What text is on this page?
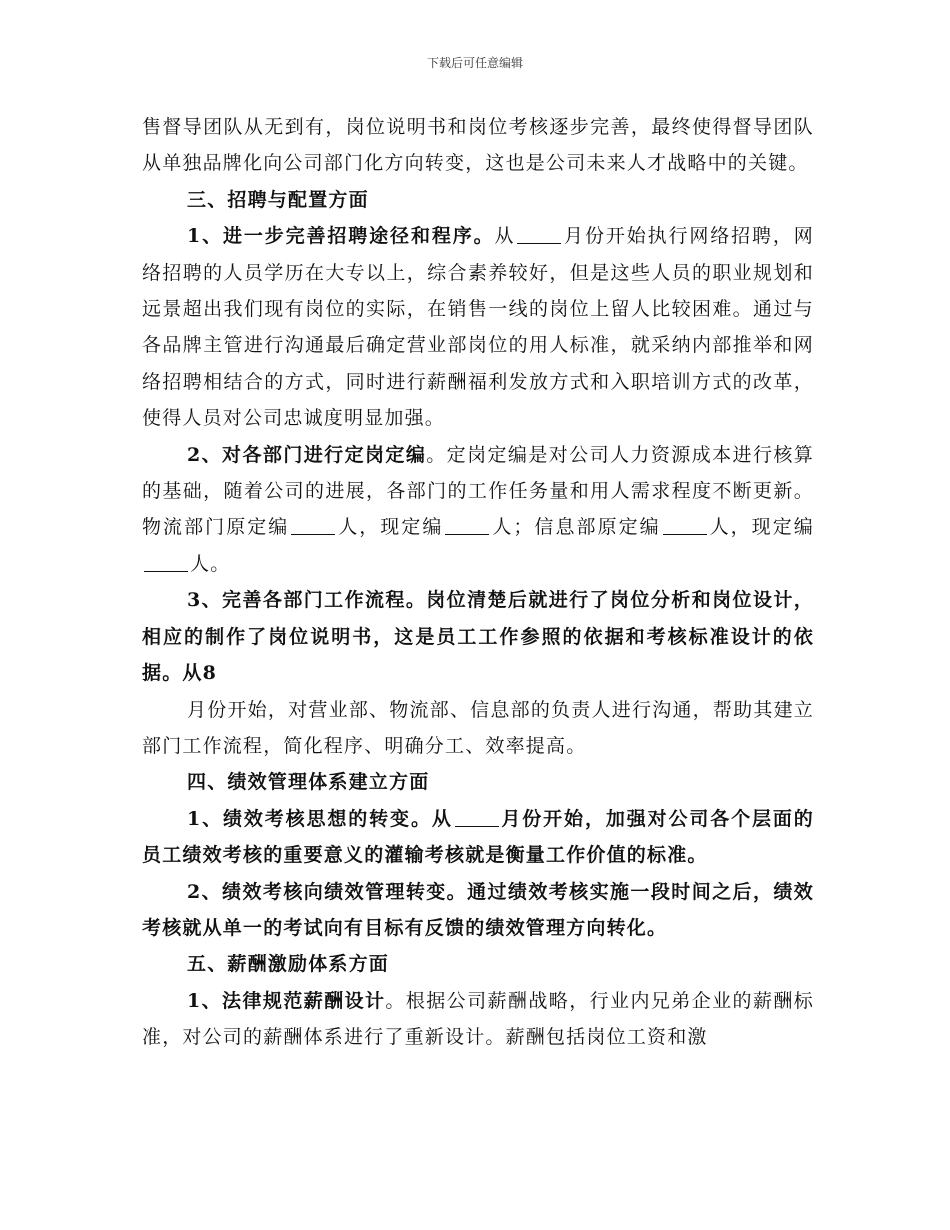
下载后可任意编辑

售督导团队从无到有，岗位说明书和岗位考核逐步完善，最终使得督导团队从单独品牌化向公司部门化方向转变，这也是公司未来人才战略中的关键。

三、招聘与配置方面

1、进一步完善招聘途径和程序。从	月份开始执行网络招聘，网络招聘的人员学历在大专以上，综合素养较好，但是这些人员的职业规划和远景超出我们现有岗位的实际，在销售一线的岗位上留人比较困难。通过与各品牌主管进行沟通最后确定营业部岗位的用人标准，就采纳内部推举和网络招聘相结合的方式，同时进行薪酬福利发放方式和入职培训方式的改革，使得人员对公司忠诚度明显加强。

2、对各部门进行定岗定编。定岗定编是对公司人力资源成本进行核算的基础，随着公司的进展，各部门的工作任务量和用人需求程度不断更新。物流部门原定编	人，现定编	人；信息部原定编	人，现定编人。

3、完善各部门工作流程。岗位清楚后就进行了岗位分析和岗位设计，相应的制作了岗位说明书，这是员工工作参照的依据和考核标准设计的依据。从8

月份开始，对营业部、物流部、信息部的负责人进行沟通，帮助其建立部门工作流程，简化程序、明确分工、效率提高。

四、绩效管理体系建立方面

1、绩效考核思想的转变。从	月份开始，加强对公司各个层面的员工绩效考核的重要意义的灌输考核就是衡量工作价值的标准。

2、绩效考核向绩效管理转变。通过绩效考核实施一段时间之后，绩效考核就从单一的考试向有目标有反馈的绩效管理方向转化。

五、薪酬激励体系方面

1、法律规范薪酬设计。根据公司薪酬战略，行业内兄弟企业的薪酬标准，对公司的薪酬体系进行了重新设计。薪酬包括岗位工资和激
